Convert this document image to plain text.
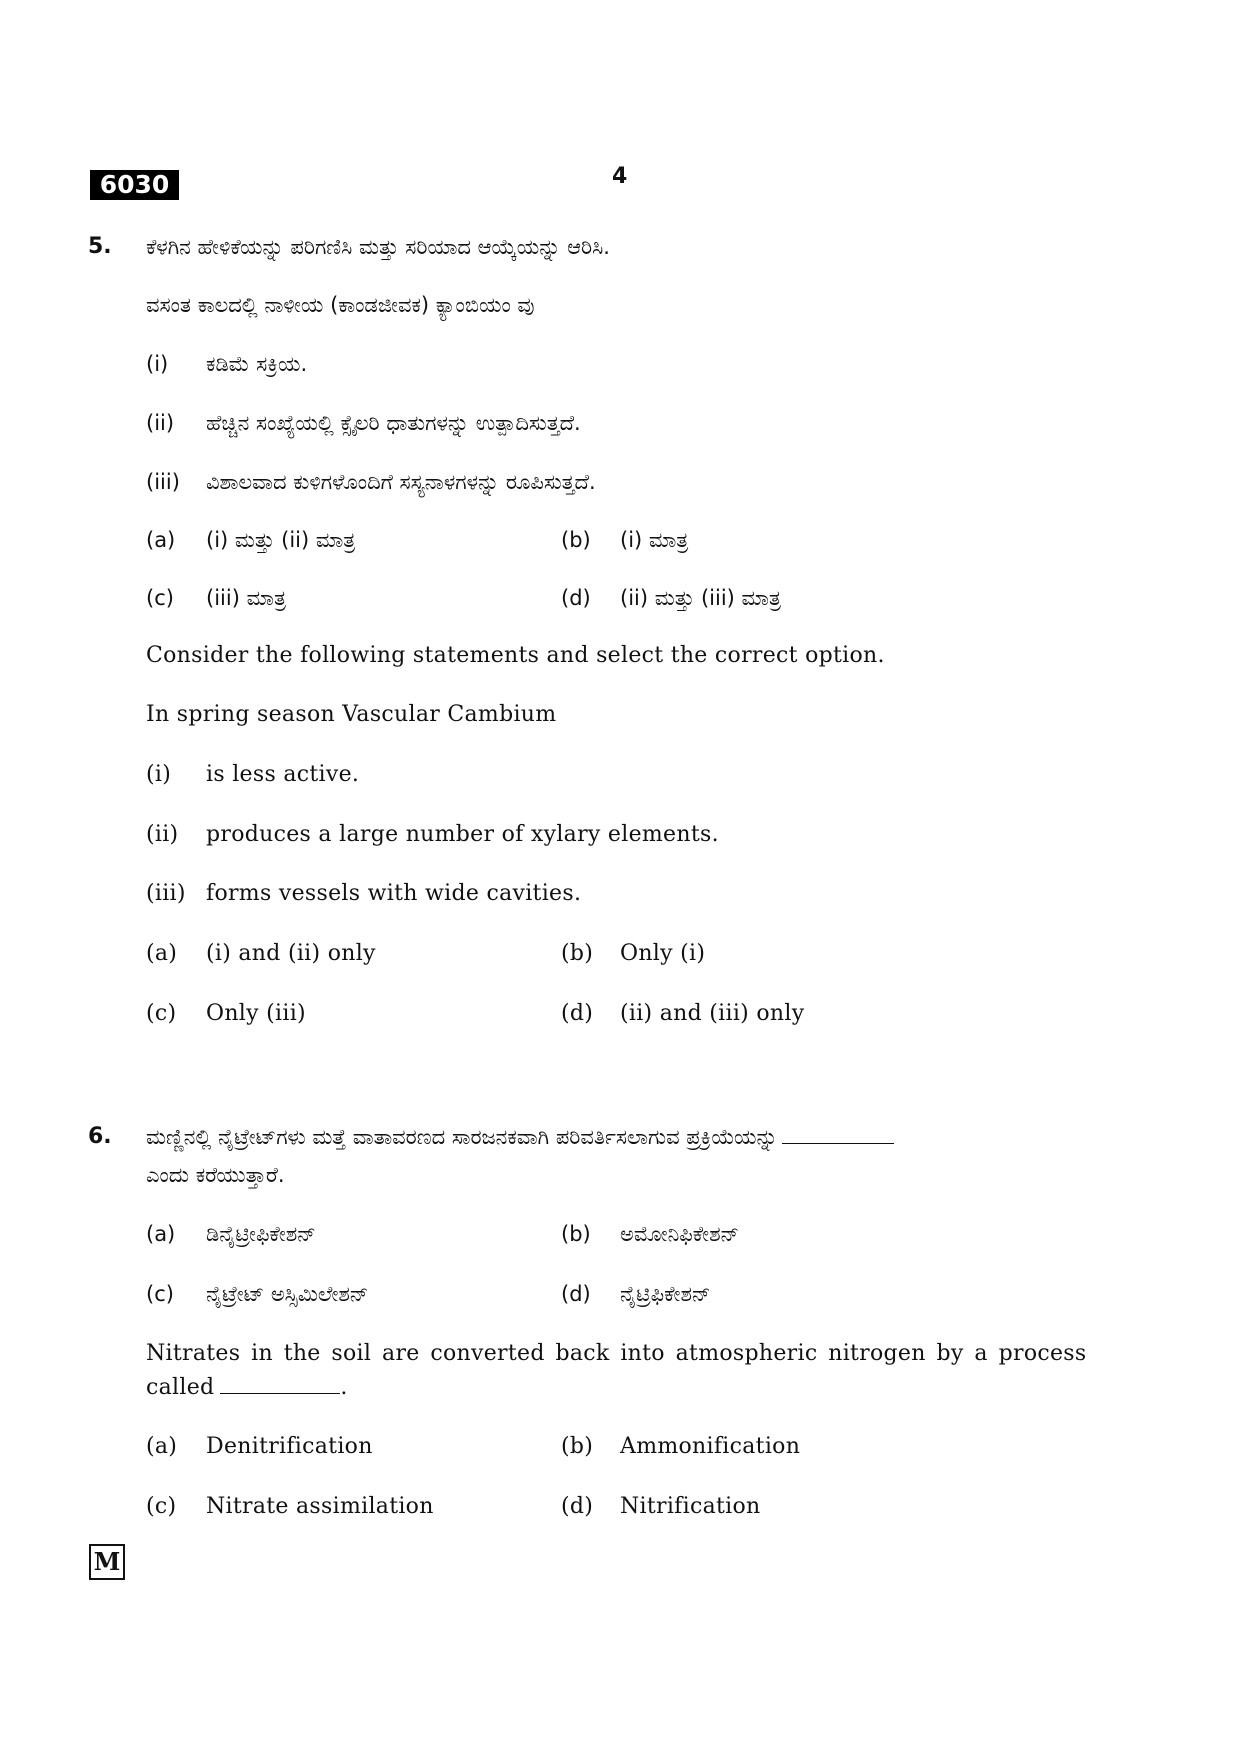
6030	4
5. ಕೆಳಗಿನ ಹೇಳಿಕೆಯನ್ನು ಪರಿಗಣಿಸಿ ಮತ್ತು ಸರಿಯಾದ ಆಯ್ಕೆಯನ್ನು ಆರಿಸಿ.
ವಸಂತ ಕಾಲದಲ್ಲಿ ನಾಳೀಯ (ಕಾಂಡಜೀವಕ) ಕ್ಯಾಂಬಿಯಂ ವು
(i) ಕಡಿಮೆ ಸಕ್ರಿಯ.
(ii) ಹೆಚ್ಚಿನ ಸಂಖ್ಯೆಯಲ್ಲಿ ಕ್ಸೈಲರಿ ಧಾತುಗಳನ್ನು ಉತ್ಪಾದಿಸುತ್ತದೆ.
(iii) ವಿಶಾಲವಾದ ಕುಳಿಗಳೊಂದಿಗೆ ಸಸ್ಯನಾಳಗಳನ್ನು ರೂಪಿಸುತ್ತದೆ.
(a) (i) ಮತ್ತು (ii) ಮಾತ್ರ	(b) (i) ಮಾತ್ರ
(c) (iii) ಮಾತ್ರ	(d) (ii) ಮತ್ತು (iii) ಮಾತ್ರ
Consider the following statements and select the correct option.
In spring season Vascular Cambium
(i) is less active.
(ii) produces a large number of xylary elements.
(iii) forms vessels with wide cavities.
(a) (i) and (ii) only	(b) Only (i)
(c) Only (iii)	(d) (ii) and (iii) only
6. ಮಣ್ಣಿನಲ್ಲಿ ನೈಟ್ರೇಟ್‌ಗಳು ಮತ್ತೆ ವಾತಾವರಣದ ಸಾರಜನಕವಾಗಿ ಪರಿವರ್ತಿಸಲಾಗುವ ಪ್ರಕ್ರಿಯೆಯನ್ನು
ಎಂದು ಕರೆಯುತ್ತಾರೆ.
(a) ಡಿನೈಟ್ರೀಫಿಕೇಶನ್	(b) ಅಮೋನಿಫಿಕೇಶನ್
(c) ನೈಟ್ರೇಟ್ ಅಸ್ಸಿಮಿಲೇಶನ್	(d) ನೈಟ್ರಿಫಿಕೇಶನ್
Nitrates in the soil are converted back into atmospheric nitrogen by a process
called	.
(a) Denitrification	(b) Ammonification
(c) Nitrate assimilation	(d) Nitrification
M
